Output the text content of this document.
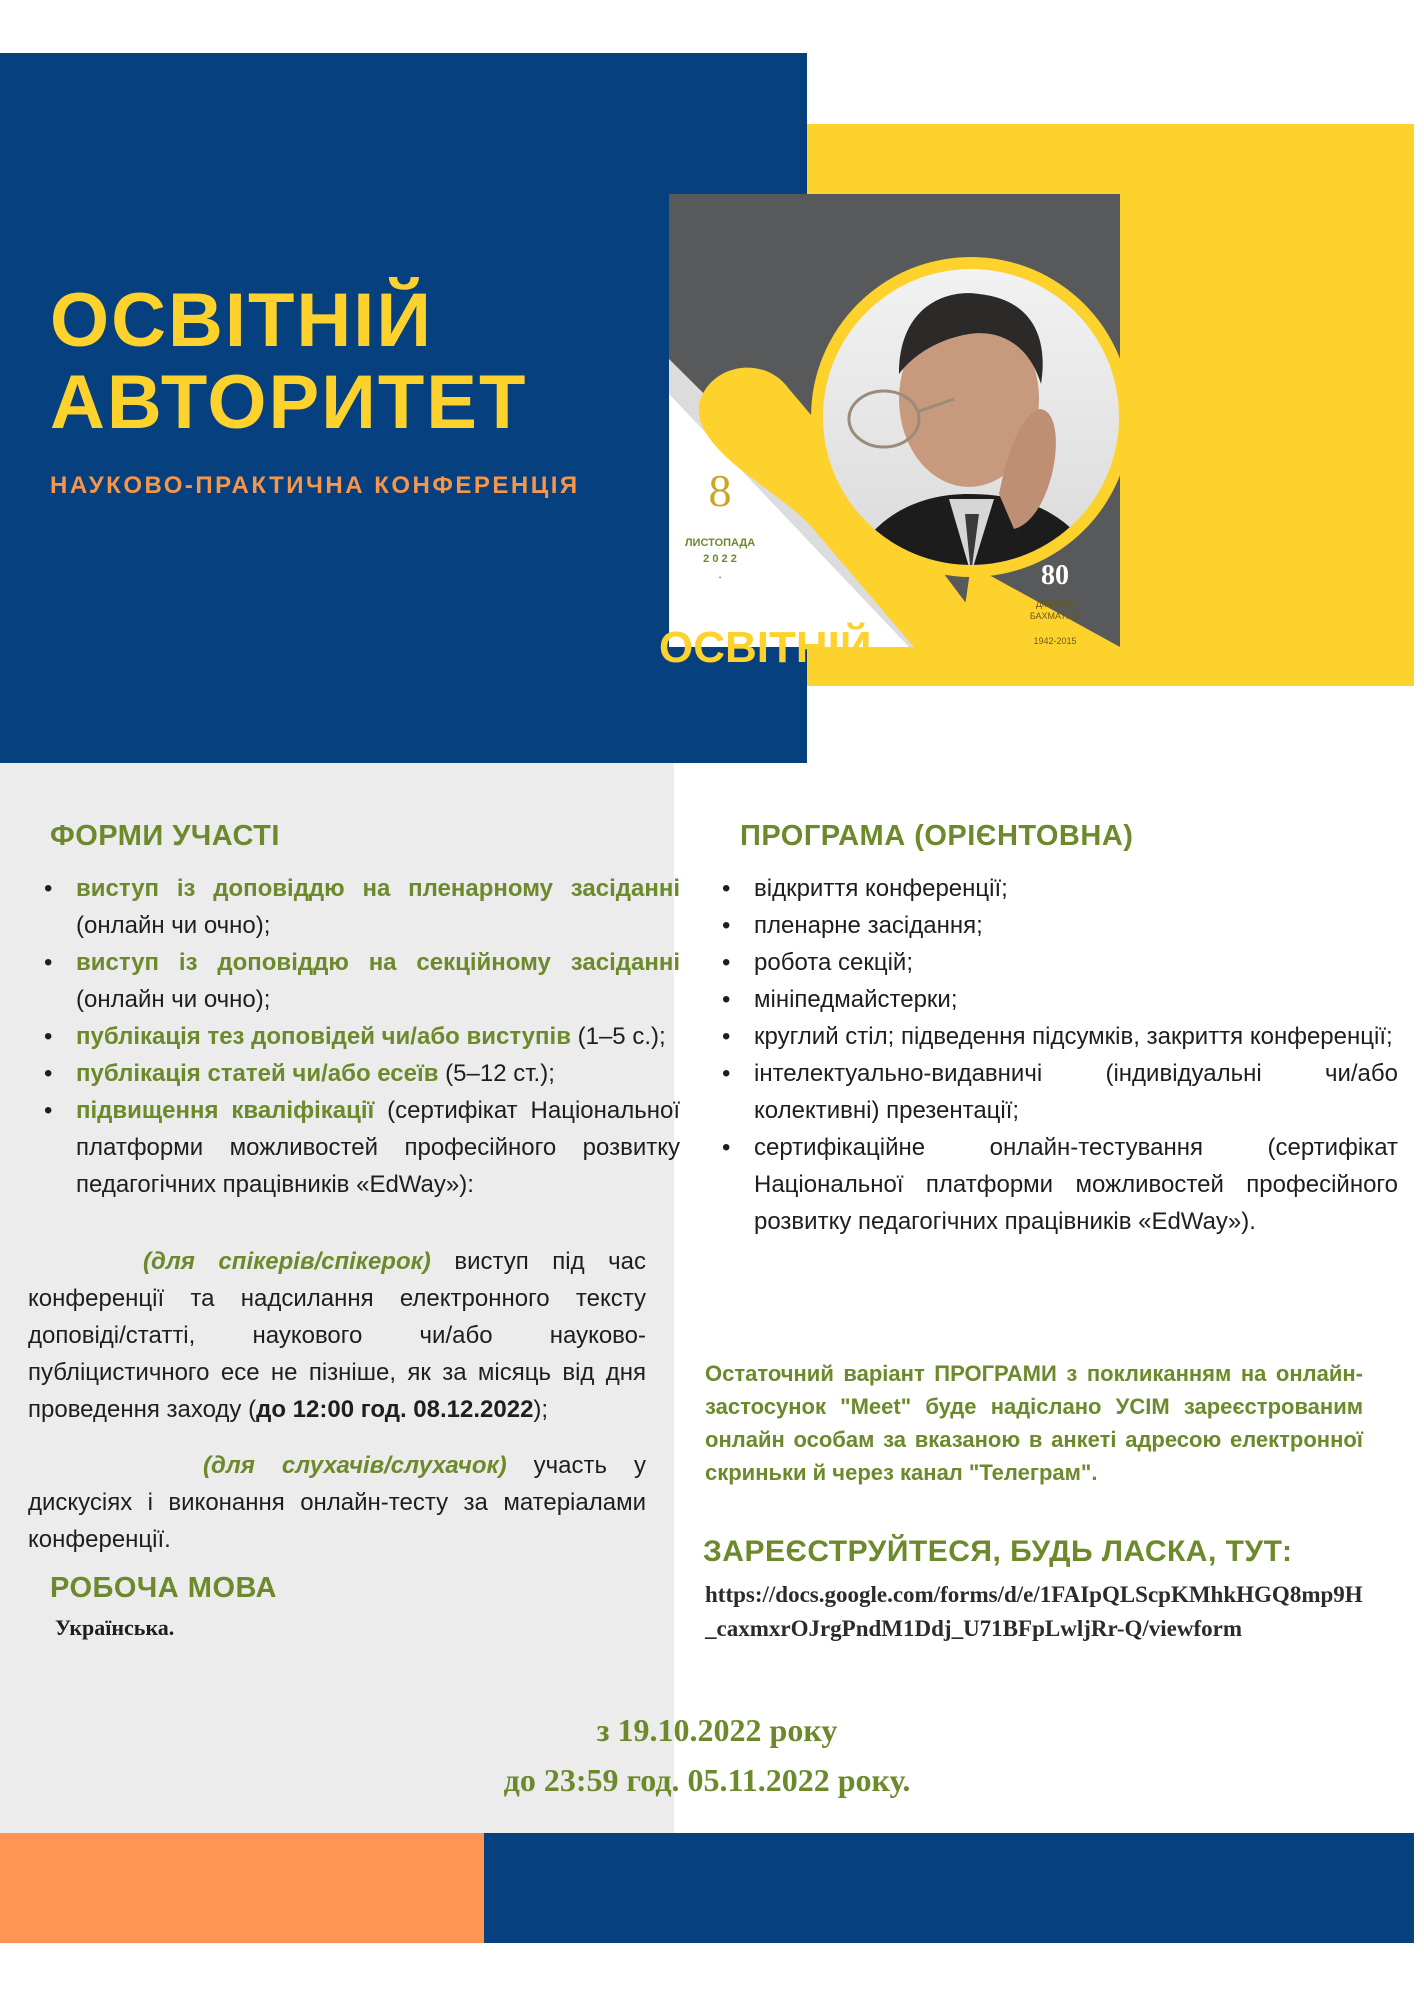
ОСВІТНІЙ
АВТОРИТЕТ
НАУКОВО-ПРАКТИЧНА КОНФЕРЕНЦІЯ	8
ЛИСТОПАДА
2 0 2 2
.	80
ДМИТРО
БАХМАТЮК
1942-2015
ОСВІТНІЙ
ФОРМИ УЧАСТІ
• виступ із доповіддю на пленарному засіданні (онлайн чи очно);
• виступ із доповіддю на секційному засіданні (онлайн чи очно);
• публікація тез доповідей чи/або виступів (1–5 с.);
• публікація статей чи/або есеїв (5–12 ст.);
• підвищення кваліфікації (сертифікат Національної платформи можливостей професійного розвитку педагогічних працівників «EdWay»):
(для спікерів/спікерок) виступ під час конференції та надсилання електронного тексту доповіді/статті, наукового чи/або науково-публіцистичного есе не пізніше, як за місяць від дня проведення заходу (до 12:00 год. 08.12.2022);
(для слухачів/слухачок) участь у дискусіях і виконання онлайн-тесту за матеріалами конференції.
РОБОЧА МОВА
Українська.
ПРОГРАМА (ОРІЄНТОВНА)
• відкриття конференції;
• пленарне засідання;
• робота секцій;
• мініпедмайстерки;
• круглий стіл; підведення підсумків, закриття конференції;
• інтелектуально-видавничі (індивідуальні чи/або колективні) презентації;
• сертифікаційне онлайн-тестування (сертифікат Національної платформи можливостей професійного розвитку педагогічних працівників «EdWay»).
Остаточний варіант ПРОГРАМИ з покликанням на онлайн-застосунок "Meet" буде надіслано УСІМ зареєстрованим онлайн особам за вказаною в анкеті адресою електронної скриньки й через канал "Телеграм".
ЗАРЕЄСТРУЙТЕСЯ, БУДЬ ЛАСКА, ТУТ:
https://docs.google.com/forms/d/e/1FAIpQLScpKMhkHGQ8mp9H_caxmxrOJrgPndM1Ddj_U71BFpLwljRr-Q/viewform
з 19.10.2022 року
до 23:59 год. 05.11.2022 року.
